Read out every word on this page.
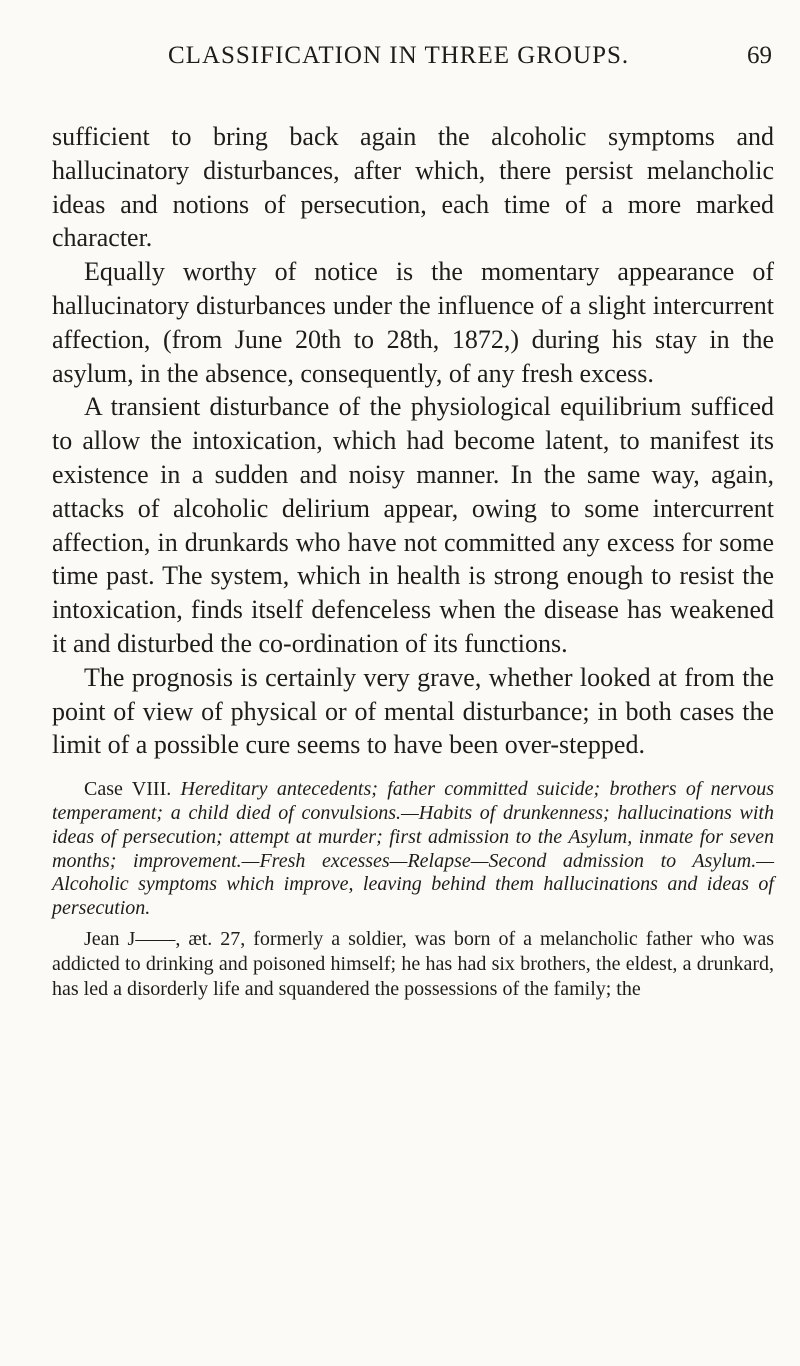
CLASSIFICATION IN THREE GROUPS.	69

sufficient to bring back again the alcoholic symptoms and hallucinatory disturbances, after which, there persist melancholic ideas and notions of persecution, each time of a more marked character.

Equally worthy of notice is the momentary appearance of hallucinatory disturbances under the influence of a slight intercurrent affection, (from June 20th to 28th, 1872,) during his stay in the asylum, in the absence, consequently, of any fresh excess.

A transient disturbance of the physiological equilibrium sufficed to allow the intoxication, which had become latent, to manifest its existence in a sudden and noisy manner. In the same way, again, attacks of alcoholic delirium appear, owing to some intercurrent affection, in drunkards who have not committed any excess for some time past. The system, which in health is strong enough to resist the intoxication, finds itself defenceless when the disease has weakened it and disturbed the co-ordination of its functions.

The prognosis is certainly very grave, whether looked at from the point of view of physical or of mental disturbance; in both cases the limit of a possible cure seems to have been over-stepped.

Case VIII. Hereditary antecedents; father committed suicide; brothers of nervous temperament; a child died of convulsions.—Habits of drunkenness; hallucinations with ideas of persecution; attempt at murder; first admission to the Asylum, inmate for seven months; improvement.—Fresh excesses—Relapse—Second admission to Asylum.—Alcoholic symptoms which improve, leaving behind them hallucinations and ideas of persecution.

Jean J——, æt. 27, formerly a soldier, was born of a melancholic father who was addicted to drinking and poisoned himself; he has had six brothers, the eldest, a drunkard, has led a disorderly life and squandered the possessions of the family; the
